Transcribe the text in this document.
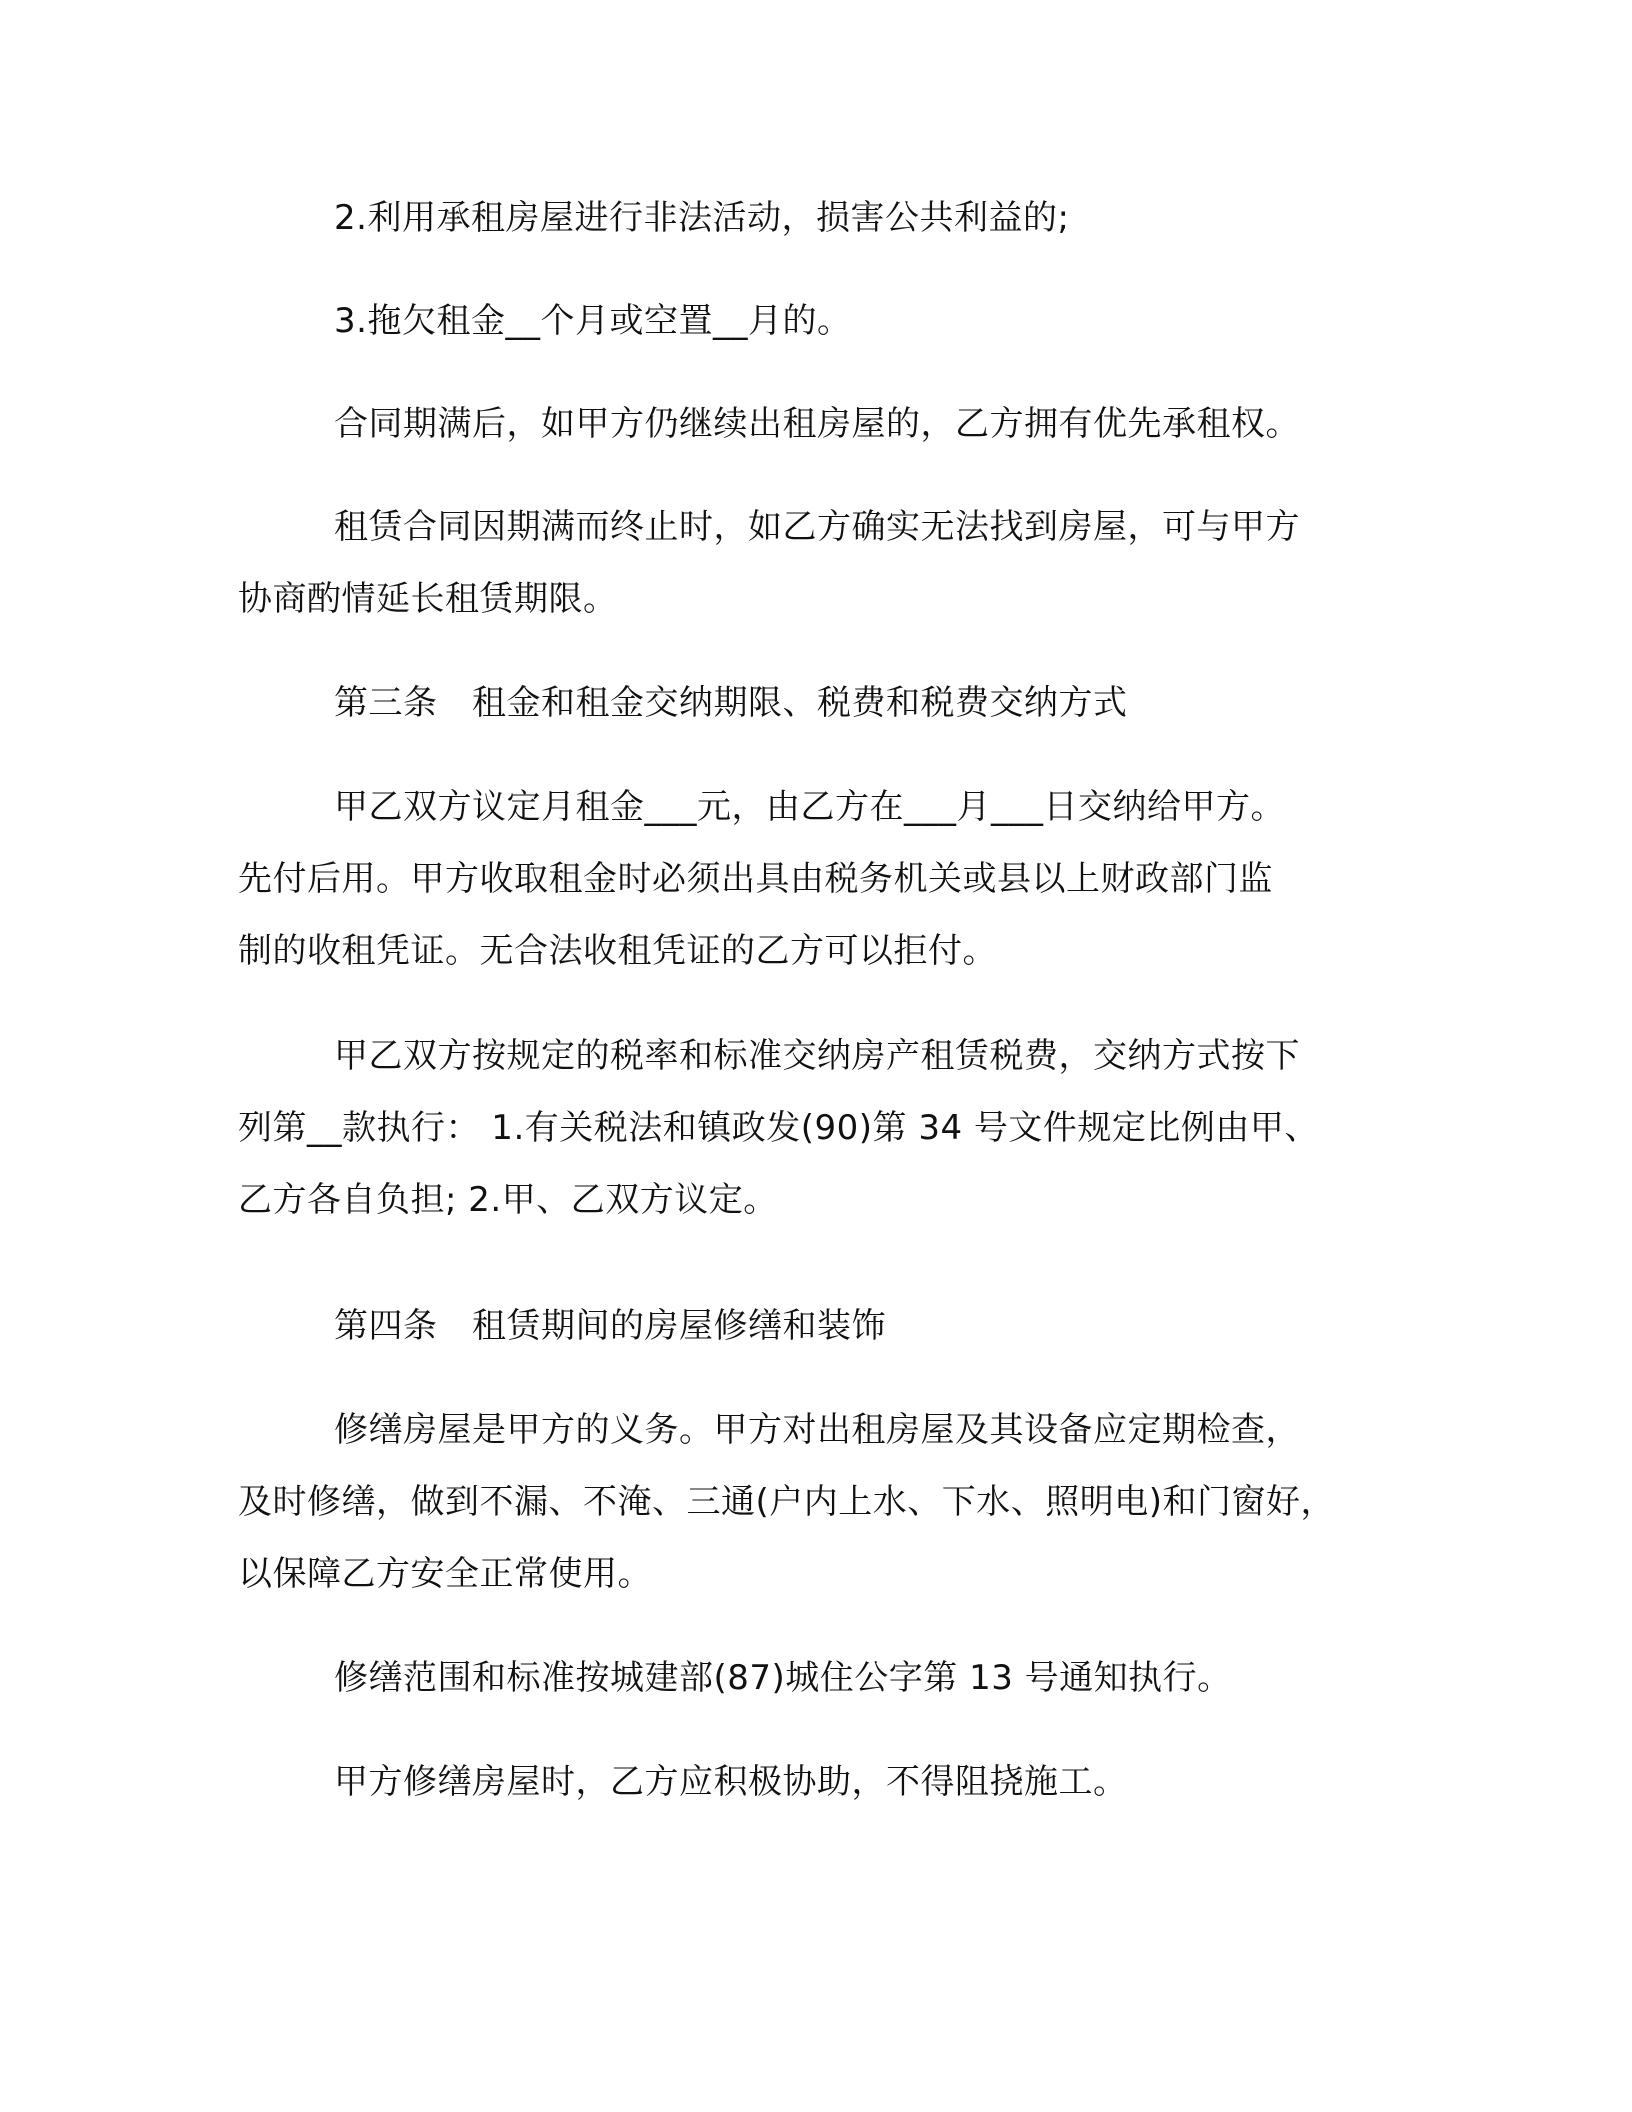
2.利用承租房屋进行非法活动，损害公共利益的;
3.拖欠租金__个月或空置__月的。
合同期满后，如甲方仍继续出租房屋的，乙方拥有优先承租权。
租赁合同因期满而终止时，如乙方确实无法找到房屋，可与甲方
协商酌情延长租赁期限。
第三条　租金和租金交纳期限、税费和税费交纳方式
甲乙双方议定月租金___元，由乙方在___月___日交纳给甲方。
先付后用。甲方收取租金时必须出具由税务机关或县以上财政部门监
制的收租凭证。无合法收租凭证的乙方可以拒付。
甲乙双方按规定的税率和标准交纳房产租赁税费，交纳方式按下
列第__款执行： 1.有关税法和镇政发(90)第 34 号文件规定比例由甲、
乙方各自负担; 2.甲、乙双方议定。
第四条　租赁期间的房屋修缮和装饰
修缮房屋是甲方的义务。甲方对出租房屋及其设备应定期检查，
及时修缮，做到不漏、不淹、三通(户内上水、下水、照明电)和门窗好，
以保障乙方安全正常使用。
修缮范围和标准按城建部(87)城住公字第 13 号通知执行。
甲方修缮房屋时，乙方应积极协助，不得阻挠施工。
